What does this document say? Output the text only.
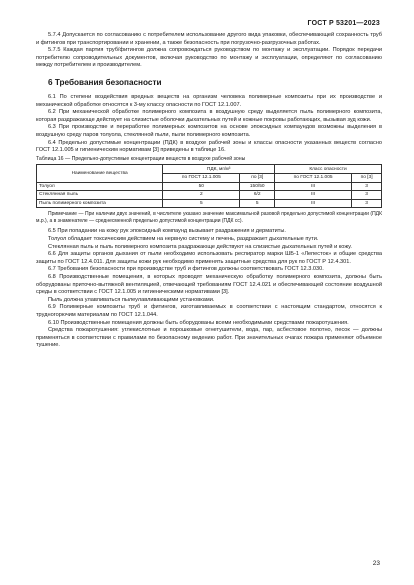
ГОСТ Р 53201—2023

5.7.4 Допускается по согласованию с потребителем использование другого вида упаковки, обеспечивающей сохранность труб и фитингов при транспортировании и хранении, а также безопасность при погрузочно-разгрузочных работах.

5.7.5 Каждая партия труб/фитингов должна сопровождаться руководством по монтажу и эксплуатации. Порядок передачи потребителю сопроводительных документов, включая руководство по монтажу и эксплуатации, определяют по согласованию между потребителем и производителем.

6 Требования безопасности

6.1 По степени воздействия вредных веществ на организм человека полимерные композиты при их производстве и механической обработке относятся к 3-му классу опасности по ГОСТ 12.1.007.

6.2 При механической обработке полимерного композита в воздушную среду выделяется пыль полимерного композита, которая раздражающе действует на слизистые оболочки дыхательных путей и кожные покровы работающих, вызывая зуд кожи.

6.3 При производстве и переработке полимерных композитов на основе эпоксидных компаундов возможны выделения в воздушную среду паров толуола, стеклянной пыли, пыли полимерного композита.

6.4 Предельно допустимые концентрации (ПДК) в воздухе рабочей зоны и классы опасности указанных веществ согласно ГОСТ 12.1.005 и гигиеническим нормативам [3] приведены в таблице 16.

Таблица 16 — Предельно-допустимые концентрации веществ в воздухе рабочей зоны

Наименование вещества	ПДК, мг/м³		Класс опасности	
	по ГОСТ 12.1.005	по [3]	по ГОСТ 12.1.005	по [3]
Толуол	50	150/50	III	3
Стеклянная пыль	2	6/2	III	3
Пыль полимерного композита	5	5	III	3

Примечание — При наличии двух значений, в числителе указано значение максимальной разовой предельно допустимой концентрации (ПДК м.р.), а в знаменателе — среднесменной предельно допустимой концентрации (ПДК сс).

6.5 При попадании на кожу рук эпоксидный компаунд вызывает раздражения и дерматиты.

Толуол обладает токсическим действием на нервную систему и печень, раздражает дыхательные пути.

Стеклянная пыль и пыль полимерного композита раздражающе действуют на слизистые дыхательных путей и кожу.

6.6 Для защиты органов дыхания от пыли необходимо использовать респиратор марки ШБ-1 «Лепесток» и общие средства защиты по ГОСТ 12.4.011. Для защиты кожи рук необходимо применять защитные средства для рук по ГОСТ Р 12.4.301.

6.7 Требования безопасности при производстве труб и фитингов должны соответствовать ГОСТ 12.3.030.

6.8 Производственные помещения, в которых проводят механическую обработку полимерного композита, должны быть оборудованы приточно-вытяжной вентиляцией, отвечающей требованиям ГОСТ 12.4.021 и обеспечивающей состояние воздушной среды в соответствии с ГОСТ 12.1.005 и гигиеническими нормативами [3].

Пыль должна улавливаться пылеулавливающими установками.

6.9 Полимерные композиты труб и фитингов, изготавливаемых в соответствии с настоящим стандартом, относятся к трудногорючим материалам по ГОСТ 12.1.044.

6.10 Производственные помещения должны быть оборудованы всеми необходимыми средствами пожаротушения.

Средства пожаротушения: углекислотные и порошковые огнетушители, вода, пар, асбестовое полотно, песок — должны применяться в соответствии с правилами по безопасному ведению работ. При значительных очагах пожара применяют объемное тушение.

23
